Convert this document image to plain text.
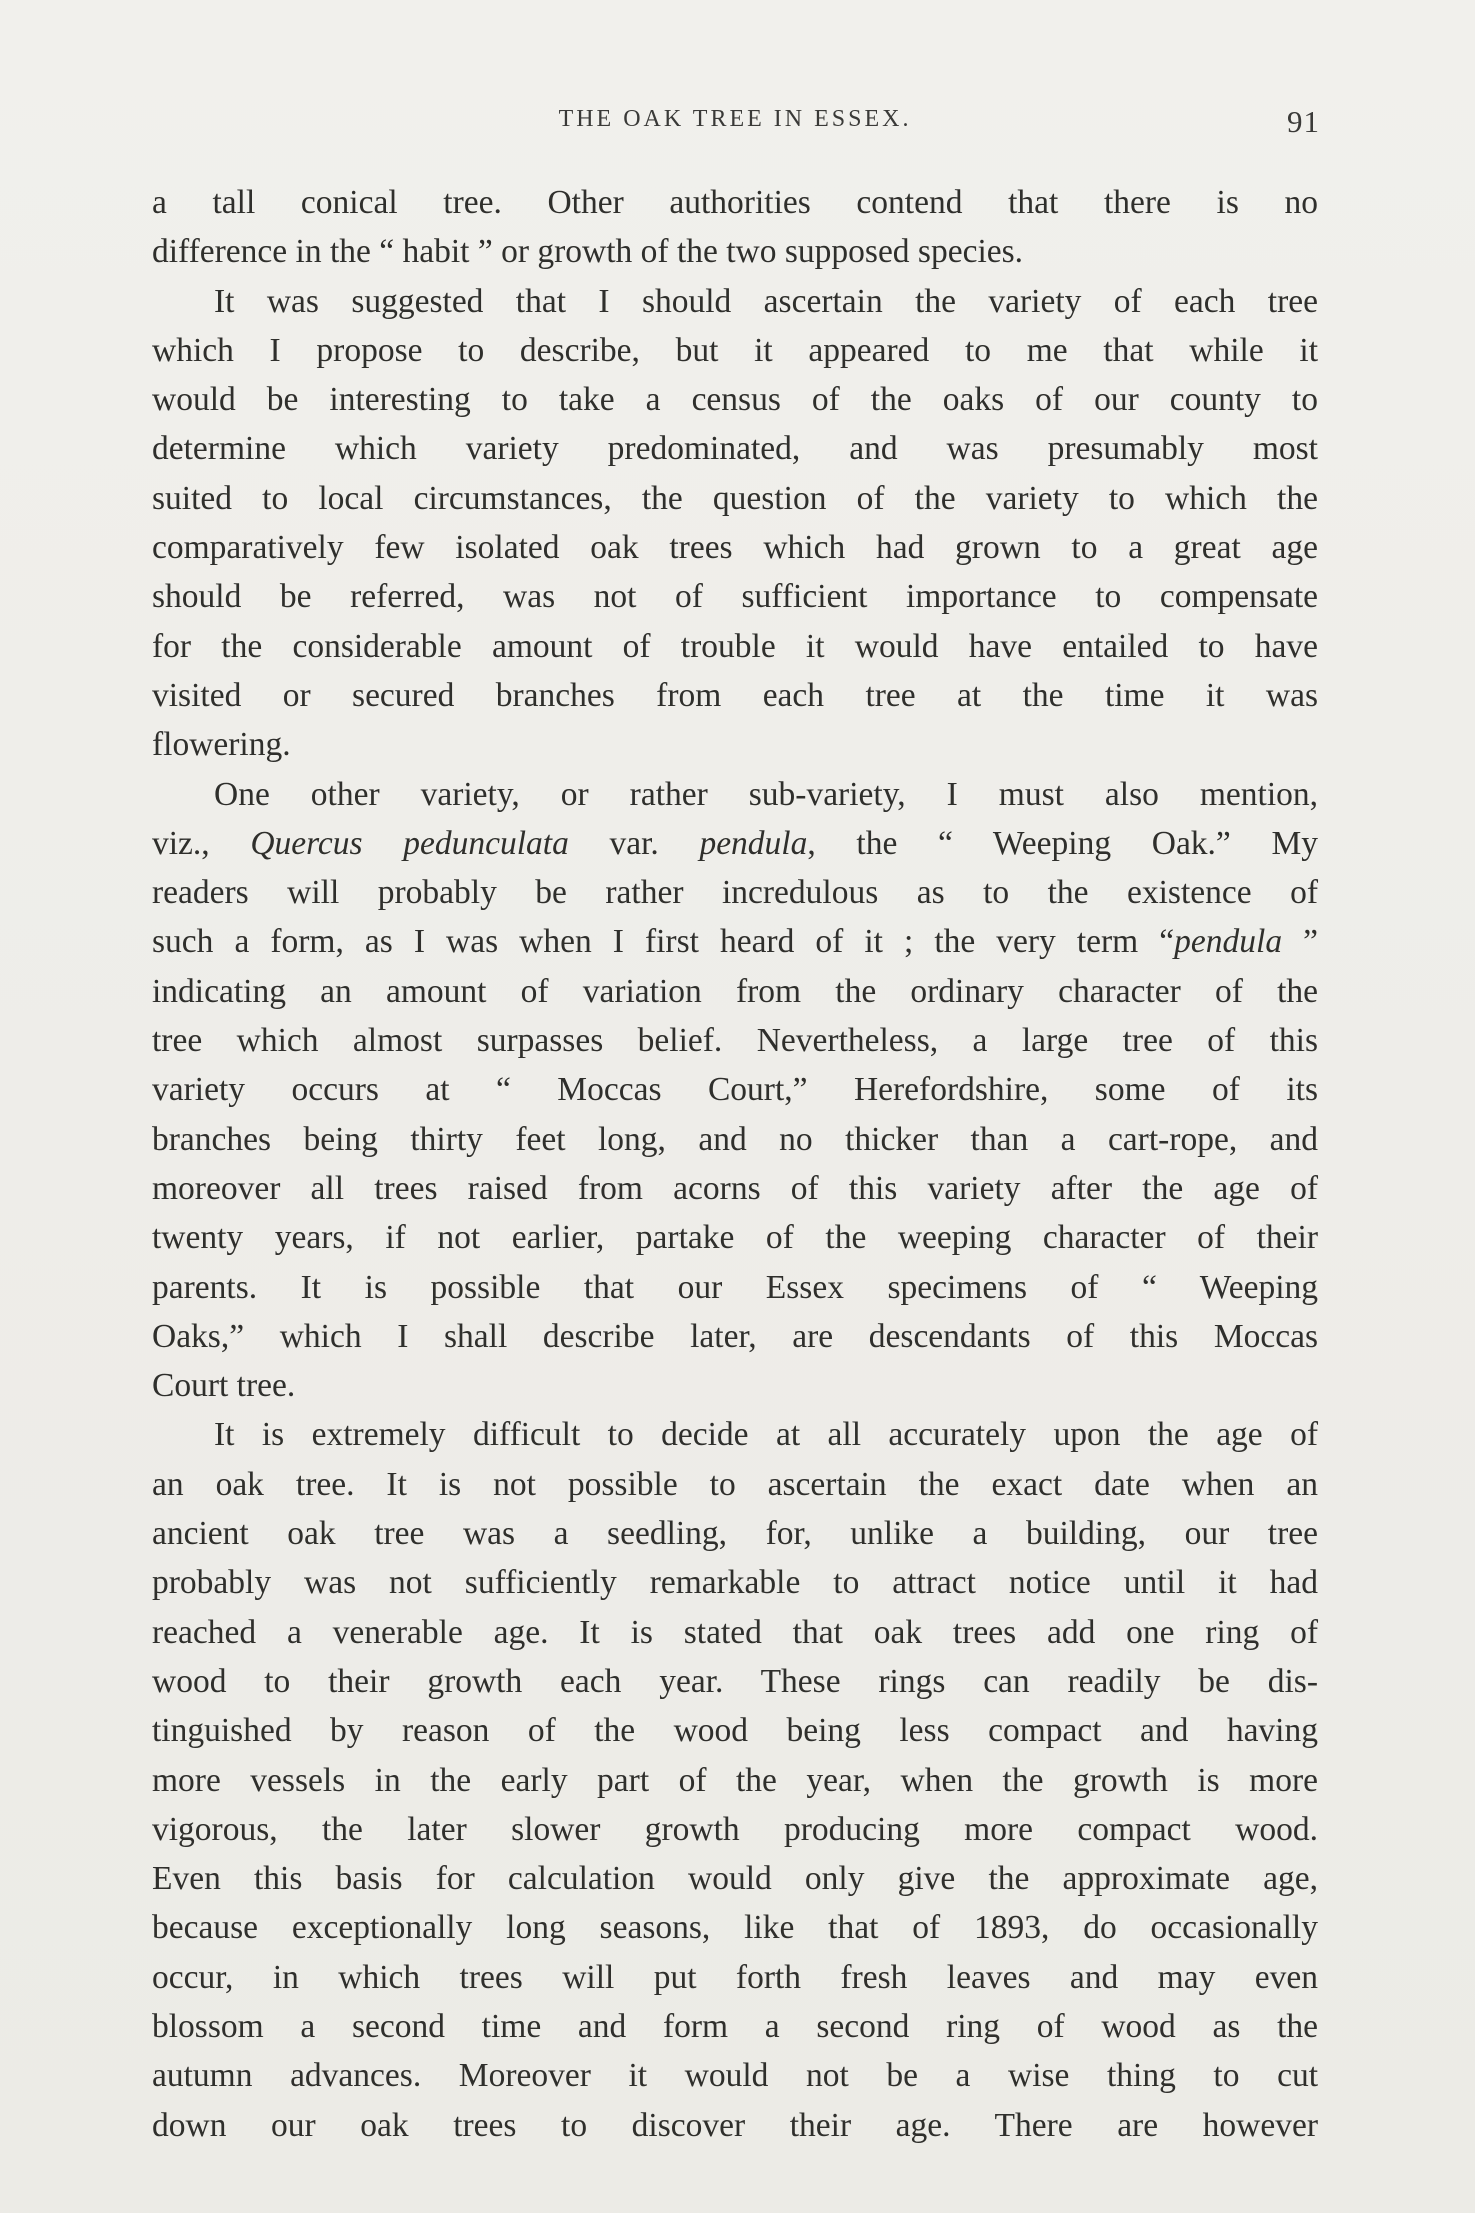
THE OAK TREE IN ESSEX.	91
a tall conical tree. Other authorities contend that there is no
difference in the “ habit ” or growth of the two supposed species.
It was suggested that I should ascertain the variety of each tree
which I propose to describe, but it appeared to me that while it
would be interesting to take a census of the oaks of our county to
determine which variety predominated, and was presumably most
suited to local circumstances, the question of the variety to which the
comparatively few isolated oak trees which had grown to a great age
should be referred, was not of sufficient importance to compensate
for the considerable amount of trouble it would have entailed to have
visited or secured branches from each tree at the time it was
flowering.
One other variety, or rather sub-variety, I must also mention,
viz., Quercus pedunculata var. pendula, the “ Weeping Oak.” My
readers will probably be rather incredulous as to the existence of
such a form, as I was when I first heard of it ; the very term “pendula ”
indicating an amount of variation from the ordinary character of the
tree which almost surpasses belief. Nevertheless, a large tree of this
variety occurs at “ Moccas Court,” Herefordshire, some of its
branches being thirty feet long, and no thicker than a cart-rope, and
moreover all trees raised from acorns of this variety after the age of
twenty years, if not earlier, partake of the weeping character of their
parents. It is possible that our Essex specimens of “ Weeping
Oaks,” which I shall describe later, are descendants of this Moccas
Court tree.
It is extremely difficult to decide at all accurately upon the age of
an oak tree. It is not possible to ascertain the exact date when an
ancient oak tree was a seedling, for, unlike a building, our tree
probably was not sufficiently remarkable to attract notice until it had
reached a venerable age. It is stated that oak trees add one ring of
wood to their growth each year. These rings can readily be dis-
tinguished by reason of the wood being less compact and having
more vessels in the early part of the year, when the growth is more
vigorous, the later slower growth producing more compact wood.
Even this basis for calculation would only give the approximate age,
because exceptionally long seasons, like that of 1893, do occasionally
occur, in which trees will put forth fresh leaves and may even
blossom a second time and form a second ring of wood as the
autumn advances. Moreover it would not be a wise thing to cut
down our oak trees to discover their age. There are however
